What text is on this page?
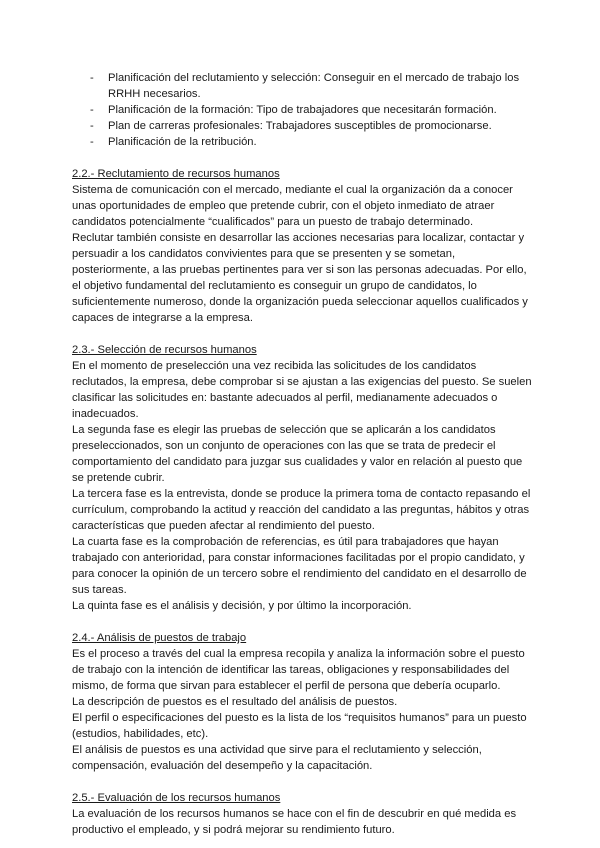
- Planificación del reclutamiento y selección: Conseguir en el mercado de trabajo los RRHH necesarios.
- Planificación de la formación: Tipo de trabajadores que necesitarán formación.
- Plan de carreras profesionales: Trabajadores susceptibles de promocionarse.
- Planificación de la retribución.

2.2.- Reclutamiento de recursos humanos

Sistema de comunicación con el mercado, mediante el cual la organización da a conocer unas oportunidades de empleo que pretende cubrir, con el objeto inmediato de atraer candidatos potencialmente “cualificados” para un puesto de trabajo determinado.

Reclutar también consiste en desarrollar las acciones necesarias para localizar, contactar y persuadir a los candidatos convivientes para que se presenten y se sometan, posteriormente, a las pruebas pertinentes para ver si son las personas adecuadas. Por ello, el objetivo fundamental del reclutamiento es conseguir un grupo de candidatos, lo suficientemente numeroso, donde la organización pueda seleccionar aquellos cualificados y capaces de integrarse a la empresa.

2.3.- Selección de recursos humanos

En el momento de preselección una vez recibida las solicitudes de los candidatos reclutados, la empresa, debe comprobar si se ajustan a las exigencias del puesto. Se suelen clasificar las solicitudes en: bastante adecuados al perfil, medianamente adecuados o inadecuados.

La segunda fase es elegir las pruebas de selección que se aplicarán a los candidatos preseleccionados, son un conjunto de operaciones con las que se trata de predecir el comportamiento del candidato para juzgar sus cualidades y valor en relación al puesto que se pretende cubrir.

La tercera fase es la entrevista, donde se produce la primera toma de contacto repasando el currículum, comprobando la actitud y reacción del candidato a las preguntas, hábitos y otras características que pueden afectar al rendimiento del puesto.

La cuarta fase es la comprobación de referencias, es útil para trabajadores que hayan trabajado con anterioridad, para constar informaciones facilitadas por el propio candidato, y para conocer la opinión de un tercero sobre el rendimiento del candidato en el desarrollo de sus tareas.

La quinta fase es el análisis y decisión, y por último la incorporación.

2.4.- Análisis de puestos de trabajo

Es el proceso a través del cual la empresa recopila y analiza la información sobre el puesto de trabajo con la intención de identificar las tareas, obligaciones y responsabilidades del mismo, de forma que sirvan para establecer el perfil de persona que debería ocuparlo.

La descripción de puestos es el resultado del análisis de puestos.

El perfil o especificaciones del puesto es la lista de los “requisitos humanos” para un puesto (estudios, habilidades, etc).

El análisis de puestos es una actividad que sirve para el reclutamiento y selección, compensación, evaluación del desempeño y la capacitación.

2.5.- Evaluación de los recursos humanos

La evaluación de los recursos humanos se hace con el fin de descubrir en qué medida es productivo el empleado, y si podrá mejorar su rendimiento futuro.
